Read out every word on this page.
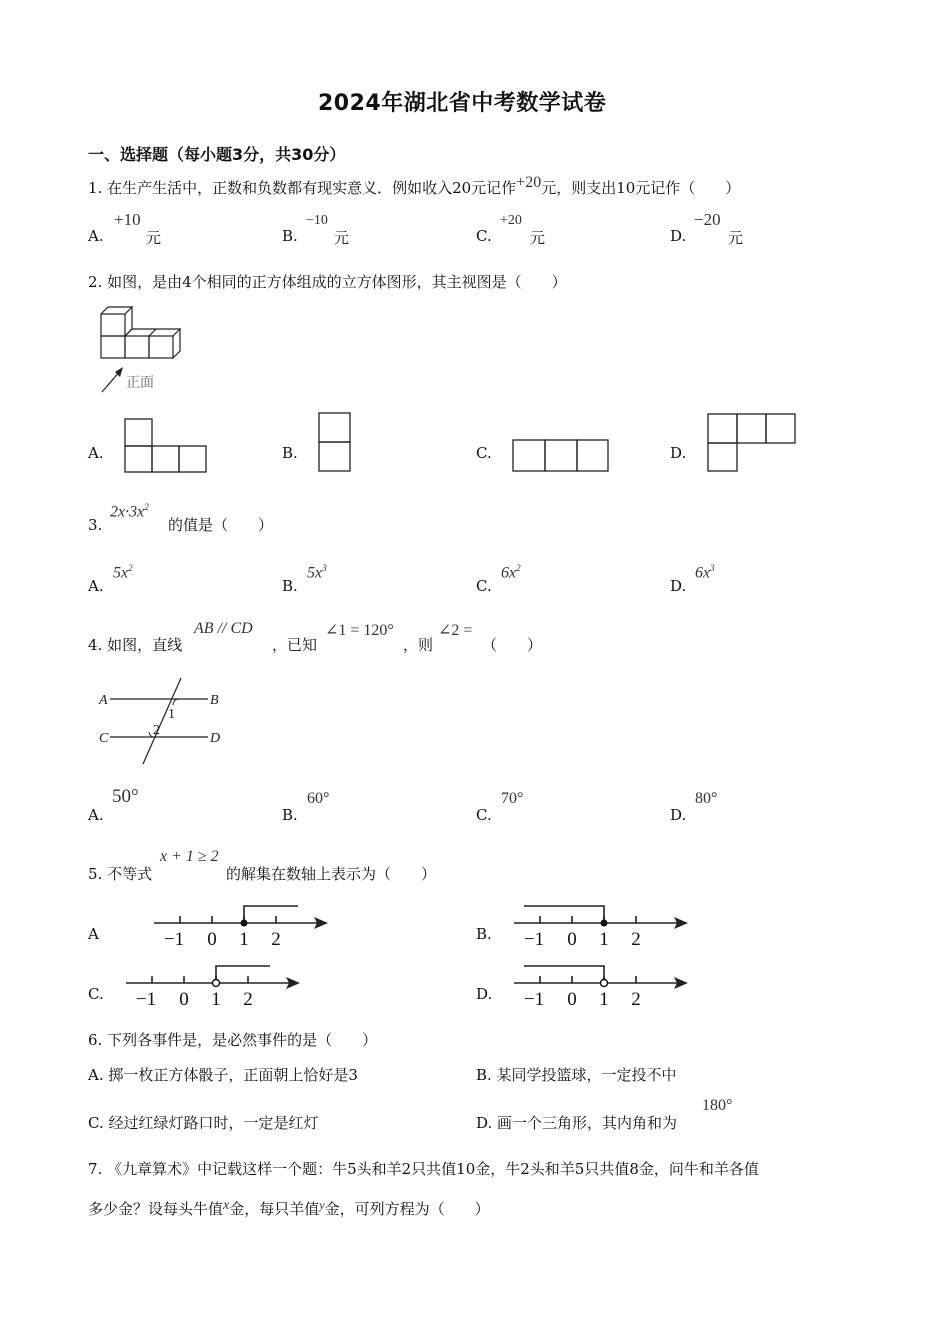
2024年湖北省中考数学试卷
一、选择题（每小题3分，共30分）
1. 在生产生活中，正数和负数都有现实意义．例如收入20元记作+20元，则支出10元记作（　　）
A.
+10
元	B.
−10
元	C.
+20
元	D.
−20
元
2. 如图，是由4个相同的正方体组成的立方体图形，其主视图是（　　）
正面
A.	B.	C.	D.
3.
$2x\cdot 3x^2$
的值是（　　）
A.
$5x^2$
B.
$5x^3$
C.
$6x^2$
D.
$6x^3$
4. 如图，直线
AB // CD
，已知
∠1 = 120°
，则
∠2 =
（　　）
A	B
C	D
1
2
A.
50°
B.
60°
C.
70°
D.
80°
5. 不等式
x + 1 ≥ 2
的解集在数轴上表示为（　　）
A	−1 0 1 2	B. −1 0 1 2
C. −1 0 1 2	D. −1 0 1 2
6. 下列各事件是，是必然事件的是（　　）
A. 掷一枚正方体骰子，正面朝上恰好是3	B. 某同学投篮球，一定投不中
C. 经过红绿灯路口时，一定是红灯	D. 画一个三角形，其内角和为
180°
7. 《九章算术》中记载这样一个题：牛5头和羊2只共值10金，牛2头和羊5只共值8金，问牛和羊各值
多少金？设每头牛值x金，每只羊值$^y$金，可列方程为（　　）
